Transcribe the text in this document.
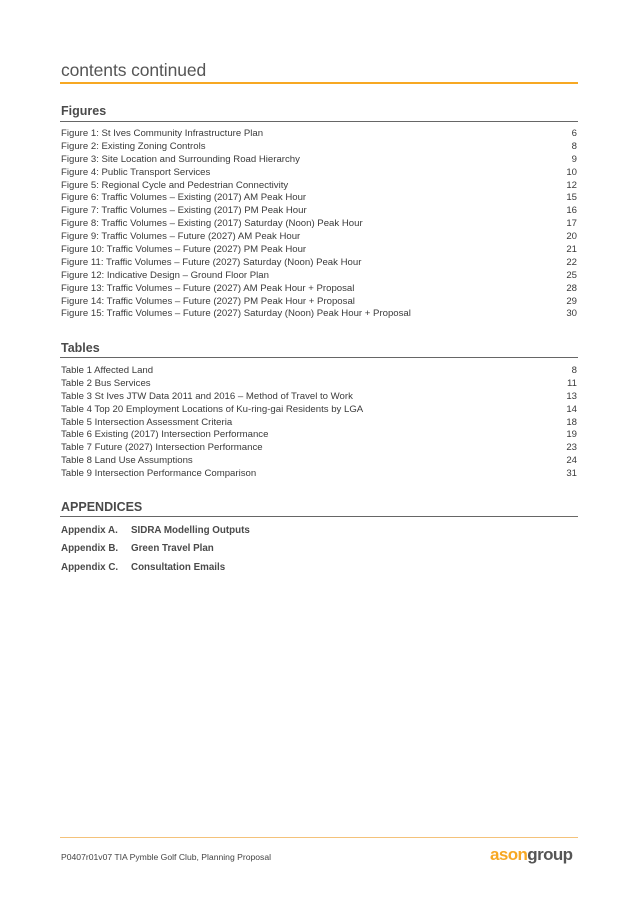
contents continued
Figures
Figure 1: St Ives Community Infrastructure Plan	6
Figure 2: Existing Zoning Controls	8
Figure 3: Site Location and Surrounding Road Hierarchy	9
Figure 4: Public Transport Services	10
Figure 5: Regional Cycle and Pedestrian Connectivity	12
Figure 6: Traffic Volumes – Existing (2017) AM Peak Hour	15
Figure 7: Traffic Volumes – Existing (2017) PM Peak Hour	16
Figure 8: Traffic Volumes – Existing (2017) Saturday (Noon) Peak Hour	17
Figure 9: Traffic Volumes – Future (2027) AM Peak Hour	20
Figure 10: Traffic Volumes – Future (2027) PM Peak Hour	21
Figure 11: Traffic Volumes – Future (2027) Saturday (Noon) Peak Hour	22
Figure 12: Indicative Design – Ground Floor Plan	25
Figure 13: Traffic Volumes – Future (2027) AM Peak Hour + Proposal	28
Figure 14: Traffic Volumes – Future (2027) PM Peak Hour + Proposal	29
Figure 15: Traffic Volumes – Future (2027) Saturday (Noon) Peak Hour + Proposal	30
Tables
Table 1 Affected Land	8
Table 2 Bus Services	11
Table 3 St Ives JTW Data 2011 and 2016 – Method of Travel to Work	13
Table 4 Top 20 Employment Locations of Ku-ring-gai Residents by LGA	14
Table 5 Intersection Assessment Criteria	18
Table 6 Existing (2017) Intersection Performance	19
Table 7 Future (2027) Intersection Performance	23
Table 8 Land Use Assumptions	24
Table 9 Intersection Performance Comparison	31
APPENDICES
Appendix A. SIDRA Modelling Outputs
Appendix B. Green Travel Plan
Appendix C. Consultation Emails
P0407r01v07 TIA Pymble Golf Club, Planning Proposal	asongroup
